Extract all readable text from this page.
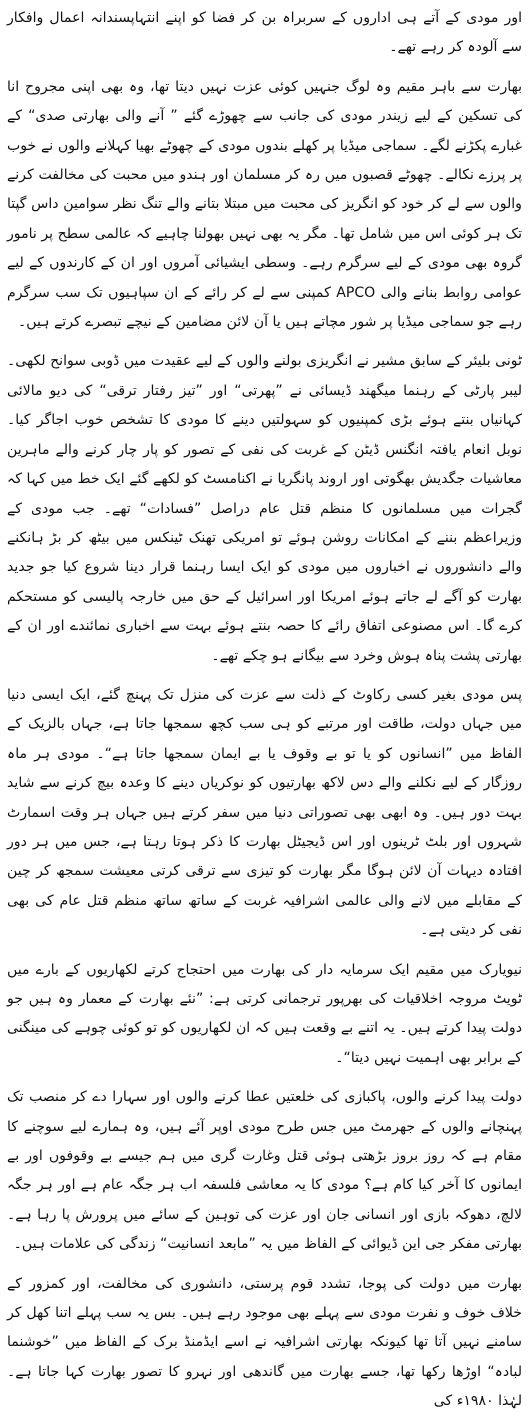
اور مودی کے آتے ہی اداروں کے سربراہ بن کر فضا کو اپنے انتہاپسندانہ اعمال وافکار سے آلودہ کر رہے تھے۔

بھارت سے باہر مقیم وہ لوگ جنہیں کوئی عزت نہیں دیتا تھا، وہ بھی اپنی مجروح انا کی تسکین کے لیے زیندر مودی کی جانب سے چھوڑے گئے ” آنے والی بھارتی صدی“ کے غبارے پکڑنے لگے۔ سماجی میڈیا پر کھلے بندوں مودی کے چھوٹے بھیا کہلانے والوں نے خوب پر پرزے نکالے۔ چھوٹے قصبوں میں رہ کر مسلمان اور ہندو میں محبت کی مخالفت کرنے والوں سے لے کر خود کو انگریز کی محبت میں مبتلا بتانے والے تنگ نظر سوامین داس گپتا تک ہر کوئی اس میں شامل تھا۔ مگر یہ بھی نہیں بھولنا چاہیے کہ عالمی سطح پر نامور گروہ بھی مودی کے لیے سرگرم رہے۔ وسطی ایشیائی آمروں اور ان کے کارندوں کے لیے عوامی روابط بنانے والی APCO کمپنی سے لے کر رائے کے ان سپاہیوں تک سب سرگرم رہے جو سماجی میڈیا پر شور مچاتے ہیں یا آن لائن مضامین کے نیچے تبصرے کرتے ہیں۔

ٹونی بلیئر کے سابق مشیر نے انگریزی بولنے والوں کے لیے عقیدت میں ڈوبی سوانح لکھی۔ لیبر پارٹی کے رہنما میگھند ڈیسائی نے ”پھرتی“ اور ”تیز رفتار ترقی“ کی دیو مالائی کہانیاں بنتے ہوئے بڑی کمپنیوں کو سہولتیں دینے کا مودی کا تشخص خوب اجاگر کیا۔ نوبل انعام یافتہ انگنس ڈیٹن کے غربت کی نفی کے تصور کو پار چار کرنے والے ماہرین معاشیات جگدیش بھگوتی اور اروند پانگریا نے اکنامسٹ کو لکھے گئے ایک خط میں کہا کہ گجرات میں مسلمانوں کا منظم قتل عام دراصل ”فسادات“ تھے۔ جب مودی کے وزیراعظم بننے کے امکانات روشن ہوئے تو امریکی تھنک ٹینکس میں بیٹھ کر بڑ ہانکنے والے دانشوروں نے اخباروں میں مودی کو ایک ایسا رہنما قرار دینا شروع کیا جو جدید بھارت کو آگے لے جاتے ہوئے امریکا اور اسرائیل کے حق میں خارجہ پالیسی کو مستحکم کرے گا۔ اس مصنوعی اتفاق رائے کا حصہ بنتے ہوئے بہت سے اخباری نمائندے اور ان کے بھارتی پشت پناہ ہوش وخرد سے بیگانے ہو چکے تھے۔

پس مودی بغیر کسی رکاوٹ کے ذلت سے عزت کی منزل تک پہنچ گئے، ایک ایسی دنیا میں جہاں دولت، طاقت اور مرتبے کو ہی سب کچھ سمجھا جاتا ہے، جہاں بالزیک کے الفاظ میں ”انسانوں کو یا تو بے وقوف یا بے ایمان سمجھا جاتا ہے“۔ مودی ہر ماہ روزگار کے لیے نکلنے والے دس لاکھ بھارتیوں کو نوکریاں دینے کا وعدہ بیچ کرنے سے شاید بہت دور ہیں۔ وہ ابھی بھی تصوراتی دنیا میں سفر کرتے ہیں جہاں ہر وقت اسمارٹ شہروں اور بلٹ ٹرینوں اور اس ڈیجیٹل بھارت کا ذکر ہوتا رہتا ہے، جس میں ہر دور افتادہ دیہات آن لائن ہوگا مگر بھارت کو تیزی سے ترقی کرتی معیشت سمجھ کر چین کے مقابلے میں لانے والی عالمی اشرافیہ غربت کے ساتھ ساتھ منظم قتل عام کی بھی نفی کر دیتی ہے۔

نیویارک میں مقیم ایک سرمایہ دار کی بھارت میں احتجاج کرتے لکھاریوں کے بارے میں ٹویٹ مروجہ اخلاقیات کی بھرپور ترجمانی کرتی ہے: ”نئے بھارت کے معمار وہ ہیں جو دولت پیدا کرتے ہیں۔ یہ اتنے بے وقعت ہیں کہ ان لکھاریوں کو تو کوئی چوہے کی مینگنی کے برابر بھی اہمیت نہیں دیتا“۔

دولت پیدا کرنے والوں، پاکبازی کی خلعتیں عطا کرنے والوں اور سہارا دے کر منصب تک پہنچانے والوں کے جھرمٹ میں جس طرح مودی اوپر آئے ہیں، وہ ہمارے لیے سوچنے کا مقام ہے کہ روز بروز بڑھتی ہوئی قتل وغارت گری میں ہم جیسے بے وقوفوں اور بے ایمانوں کا آخر کیا کام ہے؟ مودی کا یہ معاشی فلسفہ اب ہر جگہ عام ہے اور ہر جگہ لالچ، دھوکہ بازی اور انسانی جان اور عزت کی توہین کے سائے میں پرورش پا رہا ہے۔ بھارتی مفکر جی این ڈیوائی کے الفاظ میں یہ ”مابعد انسانیت“ زندگی کی علامات ہیں۔

بھارت میں دولت کی پوجا، تشدد قوم پرستی، دانشوری کی مخالفت، اور کمزور کے خلاف خوف و نفرت مودی سے پہلے بھی موجود رہے ہیں۔ بس یہ سب پہلے اتنا کھل کر سامنے نہیں آتا تھا کیونکہ بھارتی اشرافیہ نے اسے ایڈمنڈ برک کے الفاظ میں ”خوشنما لبادہ“ اوڑھا رکھا تھا، جسے بھارت میں گاندھی اور نہرو کا تصور بھارت کہا جاتا ہے۔ لہٰذا ۱۹۸۰ء کی
